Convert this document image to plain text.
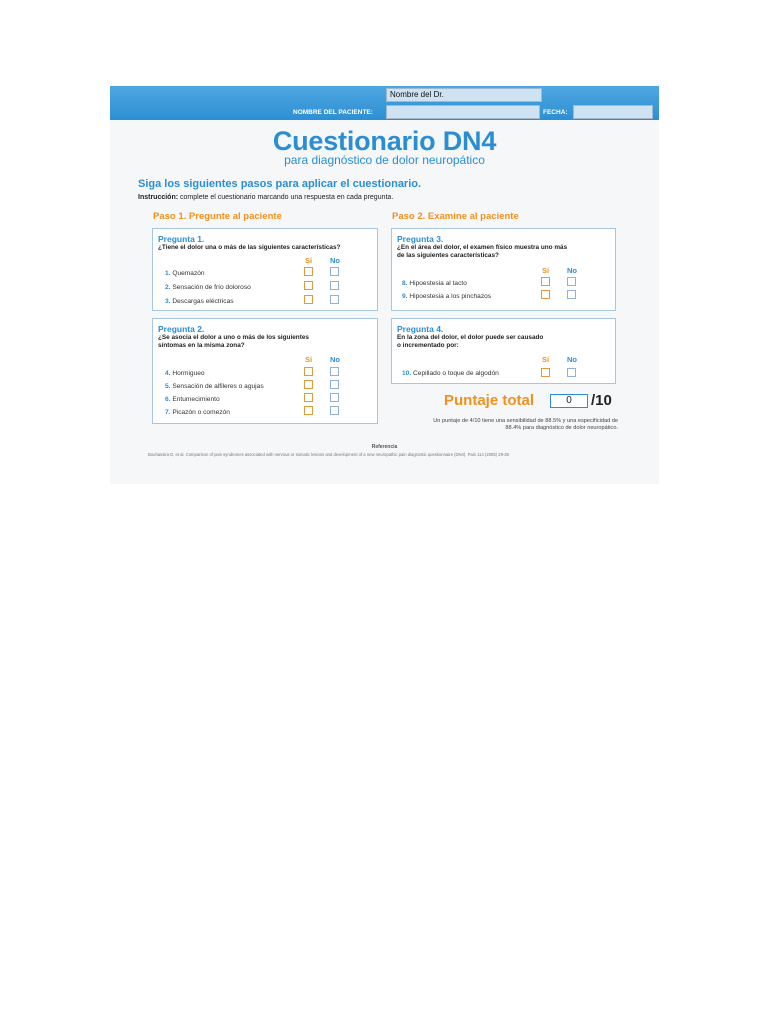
Nombre del Dr.
NOMBRE DEL PACIENTE:	FECHA:
Cuestionario DN4
para diagnóstico de dolor neuropático
Siga los siguientes pasos para aplicar el cuestionario.
Instrucción: complete el cuestionario marcando una respuesta en cada pregunta.
Paso 1. Pregunte al paciente	Paso 2. Examine al paciente
Pregunta 1.
¿Tiene el dolor una o más de las siguientes características?
Sí No
1. Quemazón
2. Sensación de frío doloroso
3. Descargas eléctricas
Pregunta 2.
¿Se asocia el dolor a uno o más de los siguientes
síntomas en la misma zona?
Sí No
4. Hormigueo
5. Sensación de alfileres o agujas
6. Entumecimiento
7. Picazón o comezón
Pregunta 3.
¿En el área del dolor, el examen físico muestra uno más
de las siguientes características?
Sí No
8. Hipoestesia al tacto
9. Hipoestesia a los pinchazos
Pregunta 4.
En la zona del dolor, el dolor puede ser causado
o incrementado por:
Sí No
10. Cepillado o toque de algodón
Puntaje total	0	/10
Un puntaje de 4/10 tiene una sensibilidad de 88.5% y una especificidad de
88.4% para diagnóstico de dolor neuropático.
Referencia
Bouhassira D, et al. Comparison of pain syndromes associated with nervous or somatic lesions and development of a new neuropathic pain diagnostic questionnaire (DN4). Pain 114 (2005) 29-36
